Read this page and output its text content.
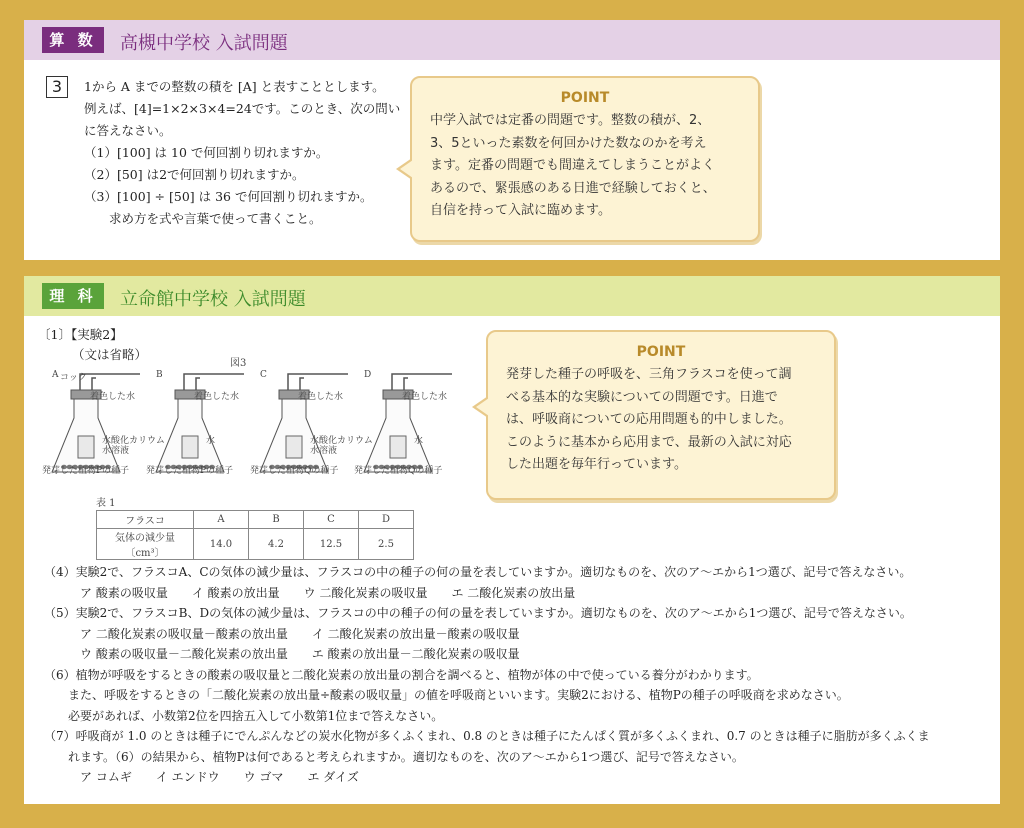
算 数	高槻中学校 入試問題
3	1から A までの整数の積を [A] と表すこととします。
例えば、[4]=1×2×3×4=24です。このとき、次の問い
に答えなさい。
（1）[100] は 10 で何回割り切れますか。
（2）[50] は2で何回割り切れますか。
（3）[100] ÷ [50] は 36 で何回割り切れますか。
　　求め方を式や言葉で使って書くこと。
POINT
中学入試では定番の問題です。整数の積が、2、
3、5といった素数を何回かけた数なのかを考え
ます。定番の問題でも間違えてしまうことがよく
あるので、緊張感のある日進で経験しておくと、
自信を持って入試に臨めます。
理 科	立命館中学校 入試問題
〔1〕【実験2】
（文は省略）
図3
コック
A
着色した水
水酸化カリウム
水溶液
発芽した植物Pの種子
B
着色した水
水
発芽した植物Pの種子
C
着色した水
水酸化カリウム
水溶液
発芽した植物Qの種子
D
着色した水
水
発芽した植物Qの種子
表 1
フラスコ	A	B	C	D
気体の減少量〔cm³〕	14.0	4.2	12.5	2.5
POINT
発芽した種子の呼吸を、三角フラスコを使って調
べる基本的な実験についての問題です。日進で
は、呼吸商についての応用問題も的中しました。
このように基本から応用まで、最新の入試に対応
した出題を毎年行っています。
（4）実験2で、フラスコA、Cの気体の減少量は、フラスコの中の種子の何の量を表していますか。適切なものを、次のア〜エから1つ選び、記号で答えなさい。
　　　ア 酸素の吸収量　　イ 酸素の放出量　　ウ 二酸化炭素の吸収量　　エ 二酸化炭素の放出量
（5）実験2で、フラスコB、Dの気体の減少量は、フラスコの中の種子の何の量を表していますか。適切なものを、次のア〜エから1つ選び、記号で答えなさい。
　　　ア 二酸化炭素の吸収量－酸素の放出量　　イ 二酸化炭素の放出量－酸素の吸収量
　　　ウ 酸素の吸収量－二酸化炭素の放出量　　エ 酸素の放出量－二酸化炭素の吸収量
（6）植物が呼吸をするときの酸素の吸収量と二酸化炭素の放出量の割合を調べると、植物が体の中で使っている養分がわかります。
　　また、呼吸をするときの「二酸化炭素の放出量÷酸素の吸収量」の値を呼吸商といいます。実験2における、植物Pの種子の呼吸商を求めなさい。
　　必要があれば、小数第2位を四捨五入して小数第1位まで答えなさい。
（7）呼吸商が 1.0 のときは種子にでんぷんなどの炭水化物が多くふくまれ、0.8 のときは種子にたんぱく質が多くふくまれ、0.7 のときは種子に脂肪が多くふくま
　　れます。（6）の結果から、植物Pは何であると考えられますか。適切なものを、次のア〜エから1つ選び、記号で答えなさい。
　　　ア コムギ　　イ エンドウ　　ウ ゴマ　　エ ダイズ
